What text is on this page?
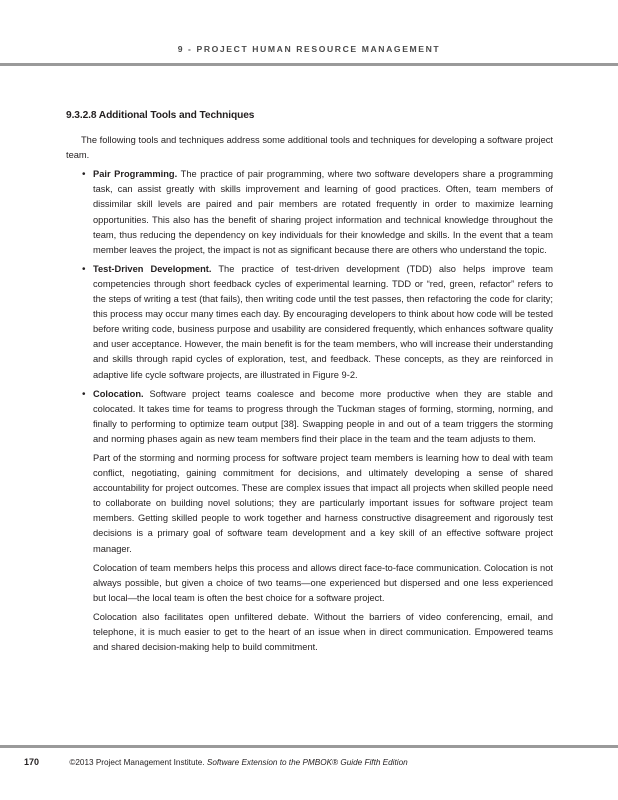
9 - PROJECT HUMAN RESOURCE MANAGEMENT
9.3.2.8 Additional Tools and Techniques

The following tools and techniques address some additional tools and techniques for developing a software project team.

• Pair Programming. The practice of pair programming, where two software developers share a programming task, can assist greatly with skills improvement and learning of good practices. Often, team members of dissimilar skill levels are paired and pair members are rotated frequently in order to maximize learning opportunities. This also has the benefit of sharing project information and technical knowledge throughout the team, thus reducing the dependency on key individuals for their knowledge and skills. In the event that a team member leaves the project, the impact is not as significant because there are others who understand the topic.

• Test-Driven Development. The practice of test-driven development (TDD) also helps improve team competencies through short feedback cycles of experimental learning. TDD or “red, green, refactor” refers to the steps of writing a test (that fails), then writing code until the test passes, then refactoring the code for clarity; this process may occur many times each day. By encouraging developers to think about how code will be tested before writing code, business purpose and usability are considered frequently, which enhances software quality and user acceptance. However, the main benefit is for the team members, who will increase their understanding and skills through rapid cycles of exploration, test, and feedback. These concepts, as they are reinforced in adaptive life cycle software projects, are illustrated in Figure 9-2.

• Colocation. Software project teams coalesce and become more productive when they are stable and colocated. It takes time for teams to progress through the Tuckman stages of forming, storming, norming, and finally to performing to optimize team output [38]. Swapping people in and out of a team triggers the storming and norming phases again as new team members find their place in the team and the team adjusts to them.

Part of the storming and norming process for software project team members is learning how to deal with team conflict, negotiating, gaining commitment for decisions, and ultimately developing a sense of shared accountability for project outcomes. These are complex issues that impact all projects when skilled people need to collaborate on building novel solutions; they are particularly important issues for software project team members. Getting skilled people to work together and harness constructive disagreement and rigorously test decisions is a primary goal of software team development and a key skill of an effective software project manager.

Colocation of team members helps this process and allows direct face-to-face communication. Colocation is not always possible, but given a choice of two teams—one experienced but dispersed and one less experienced but local—the local team is often the best choice for a software project.

Colocation also facilitates open unfiltered debate. Without the barriers of video conferencing, email, and telephone, it is much easier to get to the heart of an issue when in direct communication. Empowered teams and shared decision-making help to build commitment.

170	©2013 Project Management Institute. Software Extension to the PMBOK® Guide Fifth Edition
